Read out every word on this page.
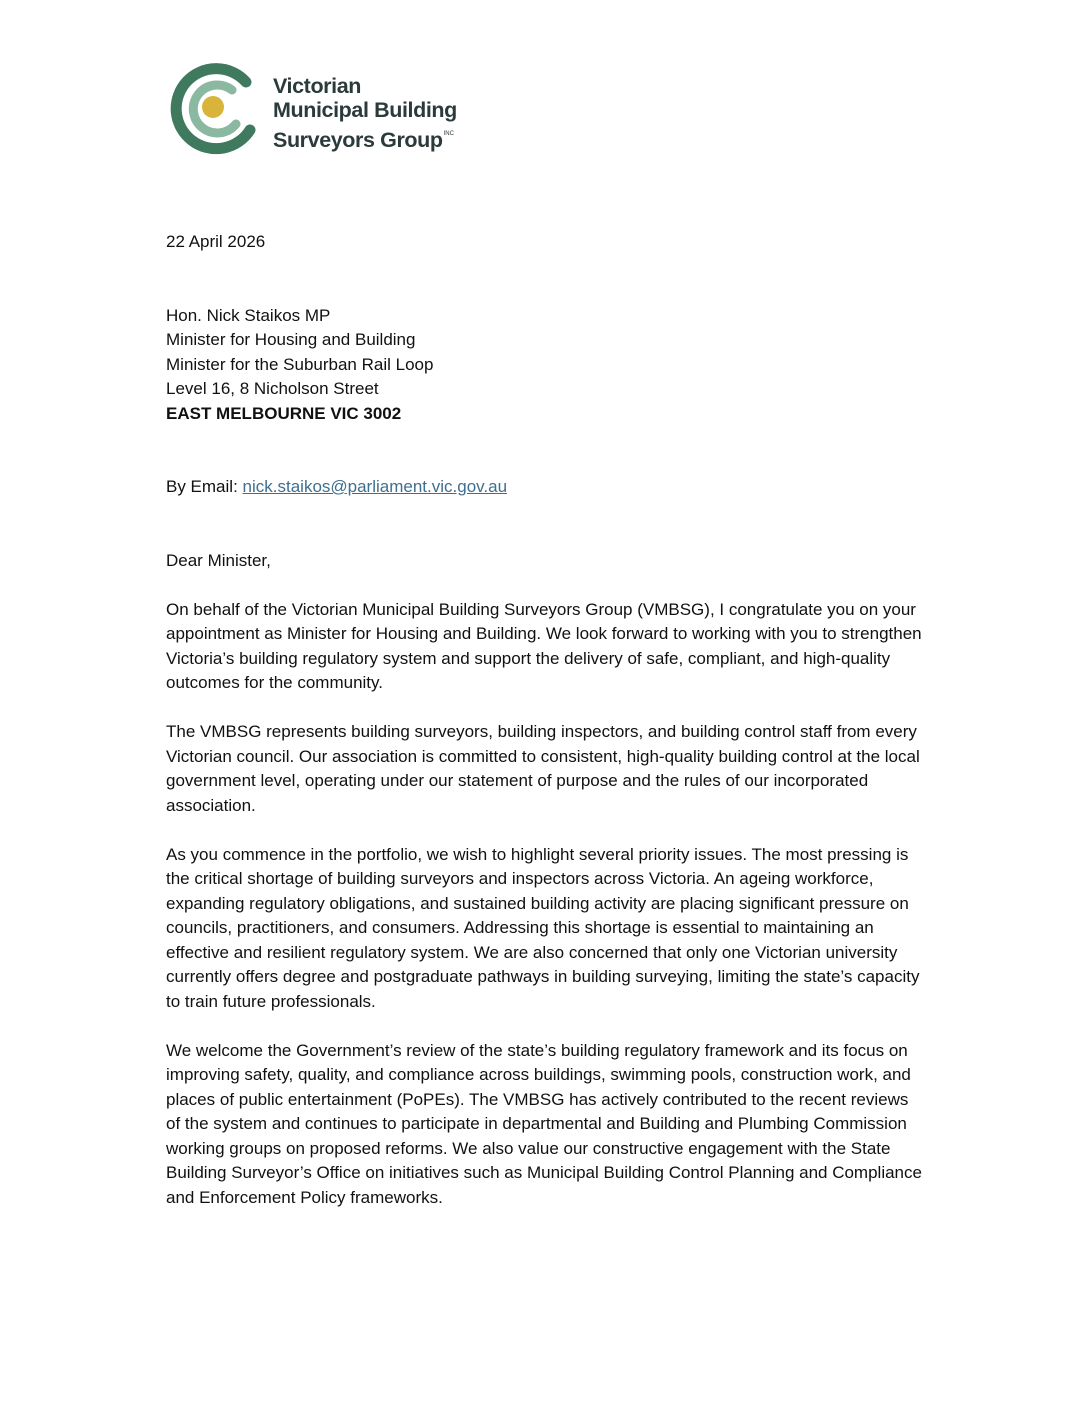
Victorian
Municipal Building
Surveyors Group$^{INC}$

22 April 2026

Hon. Nick Staikos MP

Minister for Housing and Building

Minister for the Suburban Rail Loop

Level 16, 8 Nicholson Street

EAST MELBOURNE VIC 3002

By Email: nick.staikos@parliament.vic.gov.au

Dear Minister,

On behalf of the Victorian Municipal Building Surveyors Group (VMBSG), I congratulate you on your appointment as Minister for Housing and Building. We look forward to working with you to strengthen Victoria’s building regulatory system and support the delivery of safe, compliant, and high-quality outcomes for the community.

The VMBSG represents building surveyors, building inspectors, and building control staff from every Victorian council. Our association is committed to consistent, high-quality building control at the local government level, operating under our statement of purpose and the rules of our incorporated association.

As you commence in the portfolio, we wish to highlight several priority issues. The most pressing is the critical shortage of building surveyors and inspectors across Victoria. An ageing workforce, expanding regulatory obligations, and sustained building activity are placing significant pressure on councils, practitioners, and consumers. Addressing this shortage is essential to maintaining an effective and resilient regulatory system. We are also concerned that only one Victorian university currently offers degree and postgraduate pathways in building surveying, limiting the state’s capacity to train future professionals.

We welcome the Government’s review of the state’s building regulatory framework and its focus on improving safety, quality, and compliance across buildings, swimming pools, construction work, and places of public entertainment (PoPEs). The VMBSG has actively contributed to the recent reviews of the system and continues to participate in departmental and Building and Plumbing Commission working groups on proposed reforms. We also value our constructive engagement with the State Building Surveyor’s Office on initiatives such as Municipal Building Control Planning and Compliance and Enforcement Policy frameworks.
